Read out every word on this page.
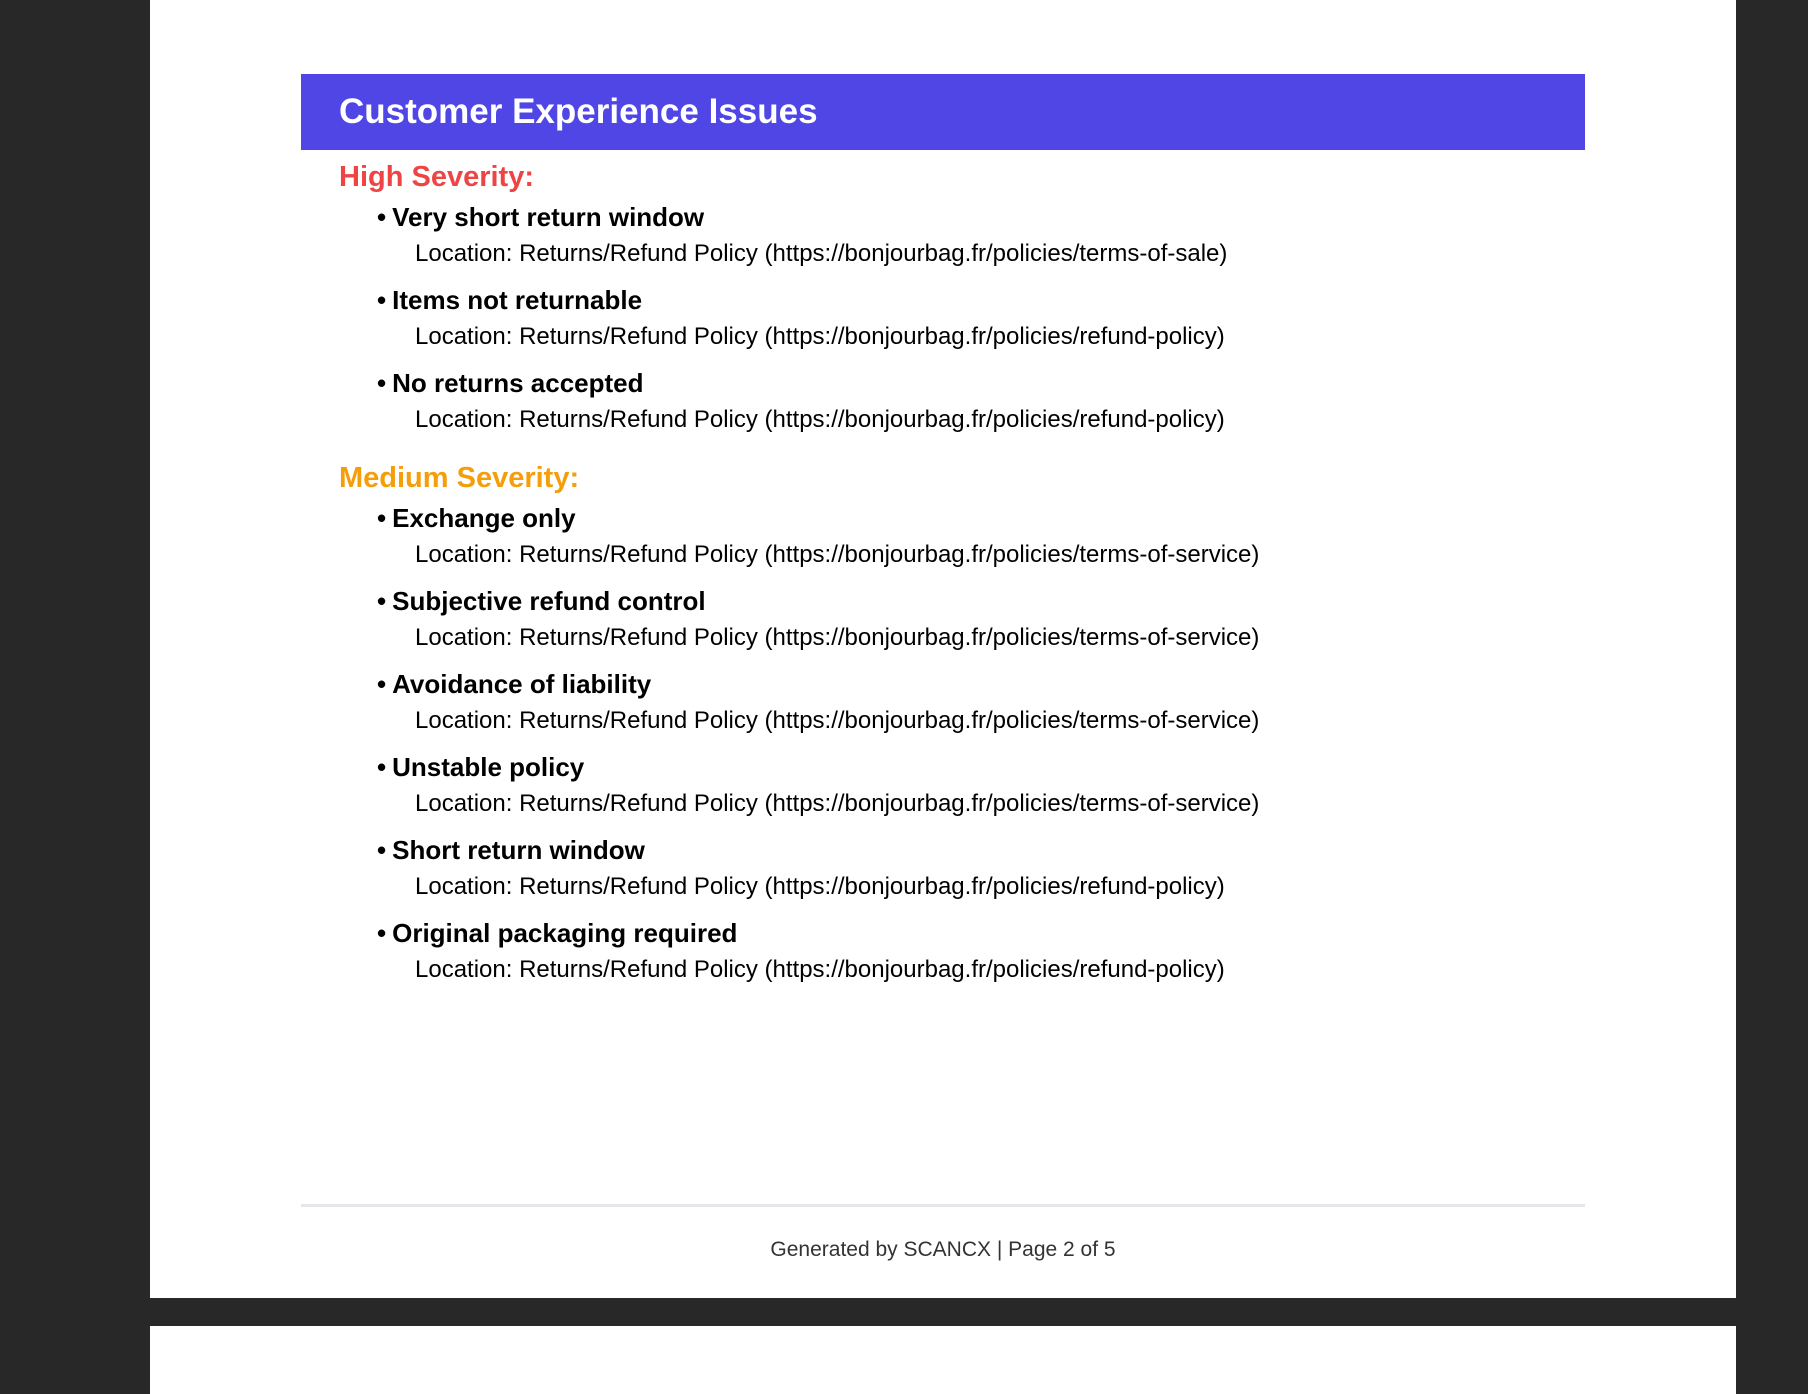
Customer Experience Issues
High Severity:
• Very short return window
Location: Returns/Refund Policy (https://bonjourbag.fr/policies/terms-of-sale)
• Items not returnable
Location: Returns/Refund Policy (https://bonjourbag.fr/policies/refund-policy)
• No returns accepted
Location: Returns/Refund Policy (https://bonjourbag.fr/policies/refund-policy)
Medium Severity:
• Exchange only
Location: Returns/Refund Policy (https://bonjourbag.fr/policies/terms-of-service)
• Subjective refund control
Location: Returns/Refund Policy (https://bonjourbag.fr/policies/terms-of-service)
• Avoidance of liability
Location: Returns/Refund Policy (https://bonjourbag.fr/policies/terms-of-service)
• Unstable policy
Location: Returns/Refund Policy (https://bonjourbag.fr/policies/terms-of-service)
• Short return window
Location: Returns/Refund Policy (https://bonjourbag.fr/policies/refund-policy)
• Original packaging required
Location: Returns/Refund Policy (https://bonjourbag.fr/policies/refund-policy)
Generated by SCANCX | Page 2 of 5
